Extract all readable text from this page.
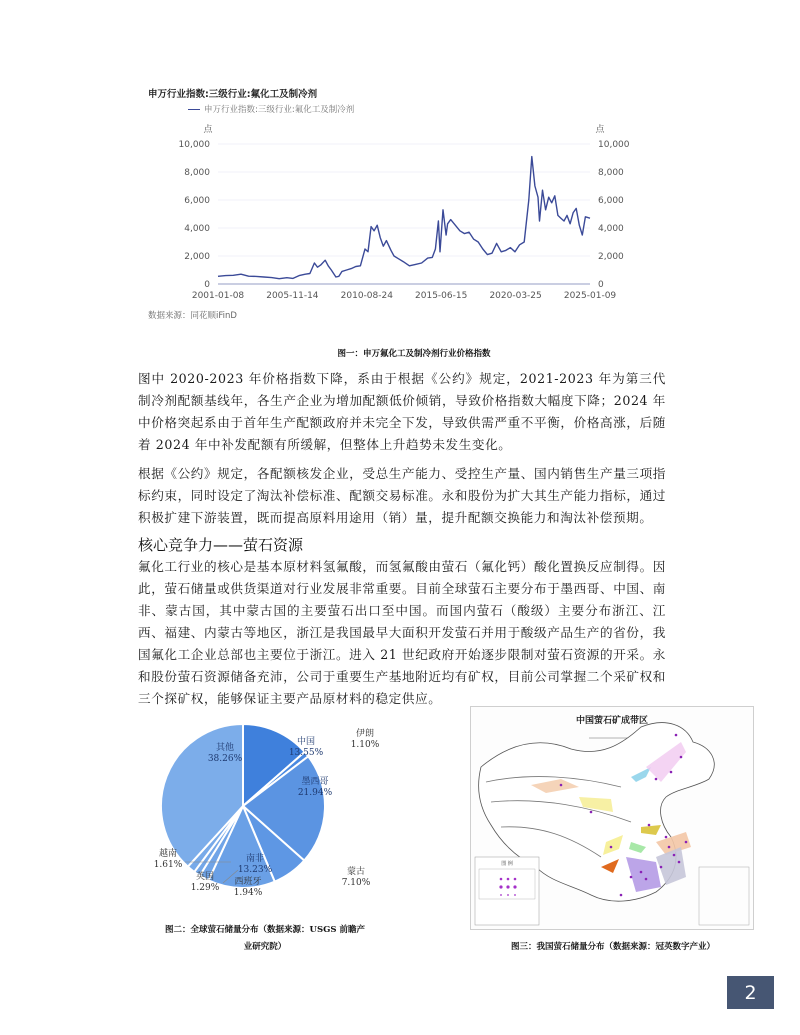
申万行业指数:三级行业:氟化工及制冷剂
申万行业指数:三级行业:氟化工及制冷剂
点	点
0	0
2,000	2,000
4,000	4,000
6,000	6,000
8,000	8,000
10,000	10,000
2001-01-08 2005-11-14 2010-08-24 2015-06-15 2020-03-25 2025-01-09
数据来源：同花顺iFinD
图一：申万氟化工及制冷剂行业价格指数
图中 2020-2023 年价格指数下降，系由于根据《公约》规定，2021-2023 年为第三代制冷剂配额基线年，各生产企业为增加配额低价倾销，导致价格指数大幅度下降；2024 年中价格突起系由于首年生产配额政府并未完全下发，导致供需严重不平衡，价格高涨，后随着 2024 年中补发配额有所缓解，但整体上升趋势未发生变化。
根据《公约》规定，各配额核发企业，受总生产能力、受控生产量、国内销售生产量三项指标约束，同时设定了淘汰补偿标准、配额交易标准。永和股份为扩大其生产能力指标，通过积极扩建下游装置，既而提高原料用途用（销）量，提升配额交换能力和淘汰补偿预期。
核心竞争力——萤石资源
氟化工行业的核心是基本原材料氢氟酸，而氢氟酸由萤石（氟化钙）酸化置换反应制得。因此，萤石储量或供货渠道对行业发展非常重要。目前全球萤石主要分布于墨西哥、中国、南非、蒙古国，其中蒙古国的主要萤石出口至中国。而国内萤石（酸级）主要分布浙江、江西、福建、内蒙古等地区，浙江是我国最早大面积开发萤石并用于酸级产品生产的省份，我国氟化工企业总部也主要位于浙江。进入 21 世纪政府开始逐步限制对萤石资源的开采。永和股份萤石资源储备充沛，公司于重要生产基地附近均有矿权，目前公司掌握二个采矿权和三个探矿权，能够保证主要产品原材料的稳定供应。
中国
13.55%
伊朗
1.10%
墨西哥
21.94%
蒙古
7.10%
南非
13.23%
西班牙
1.94%
英国
1.29%
越南
1.61%
其他
38.26%
图二：全球萤石储量分布（数据来源：USGS 前瞻产
业研究院）
中国萤石矿成带区
图 例
图三：我国萤石储量分布（数据来源：冠英数字产业）
2
